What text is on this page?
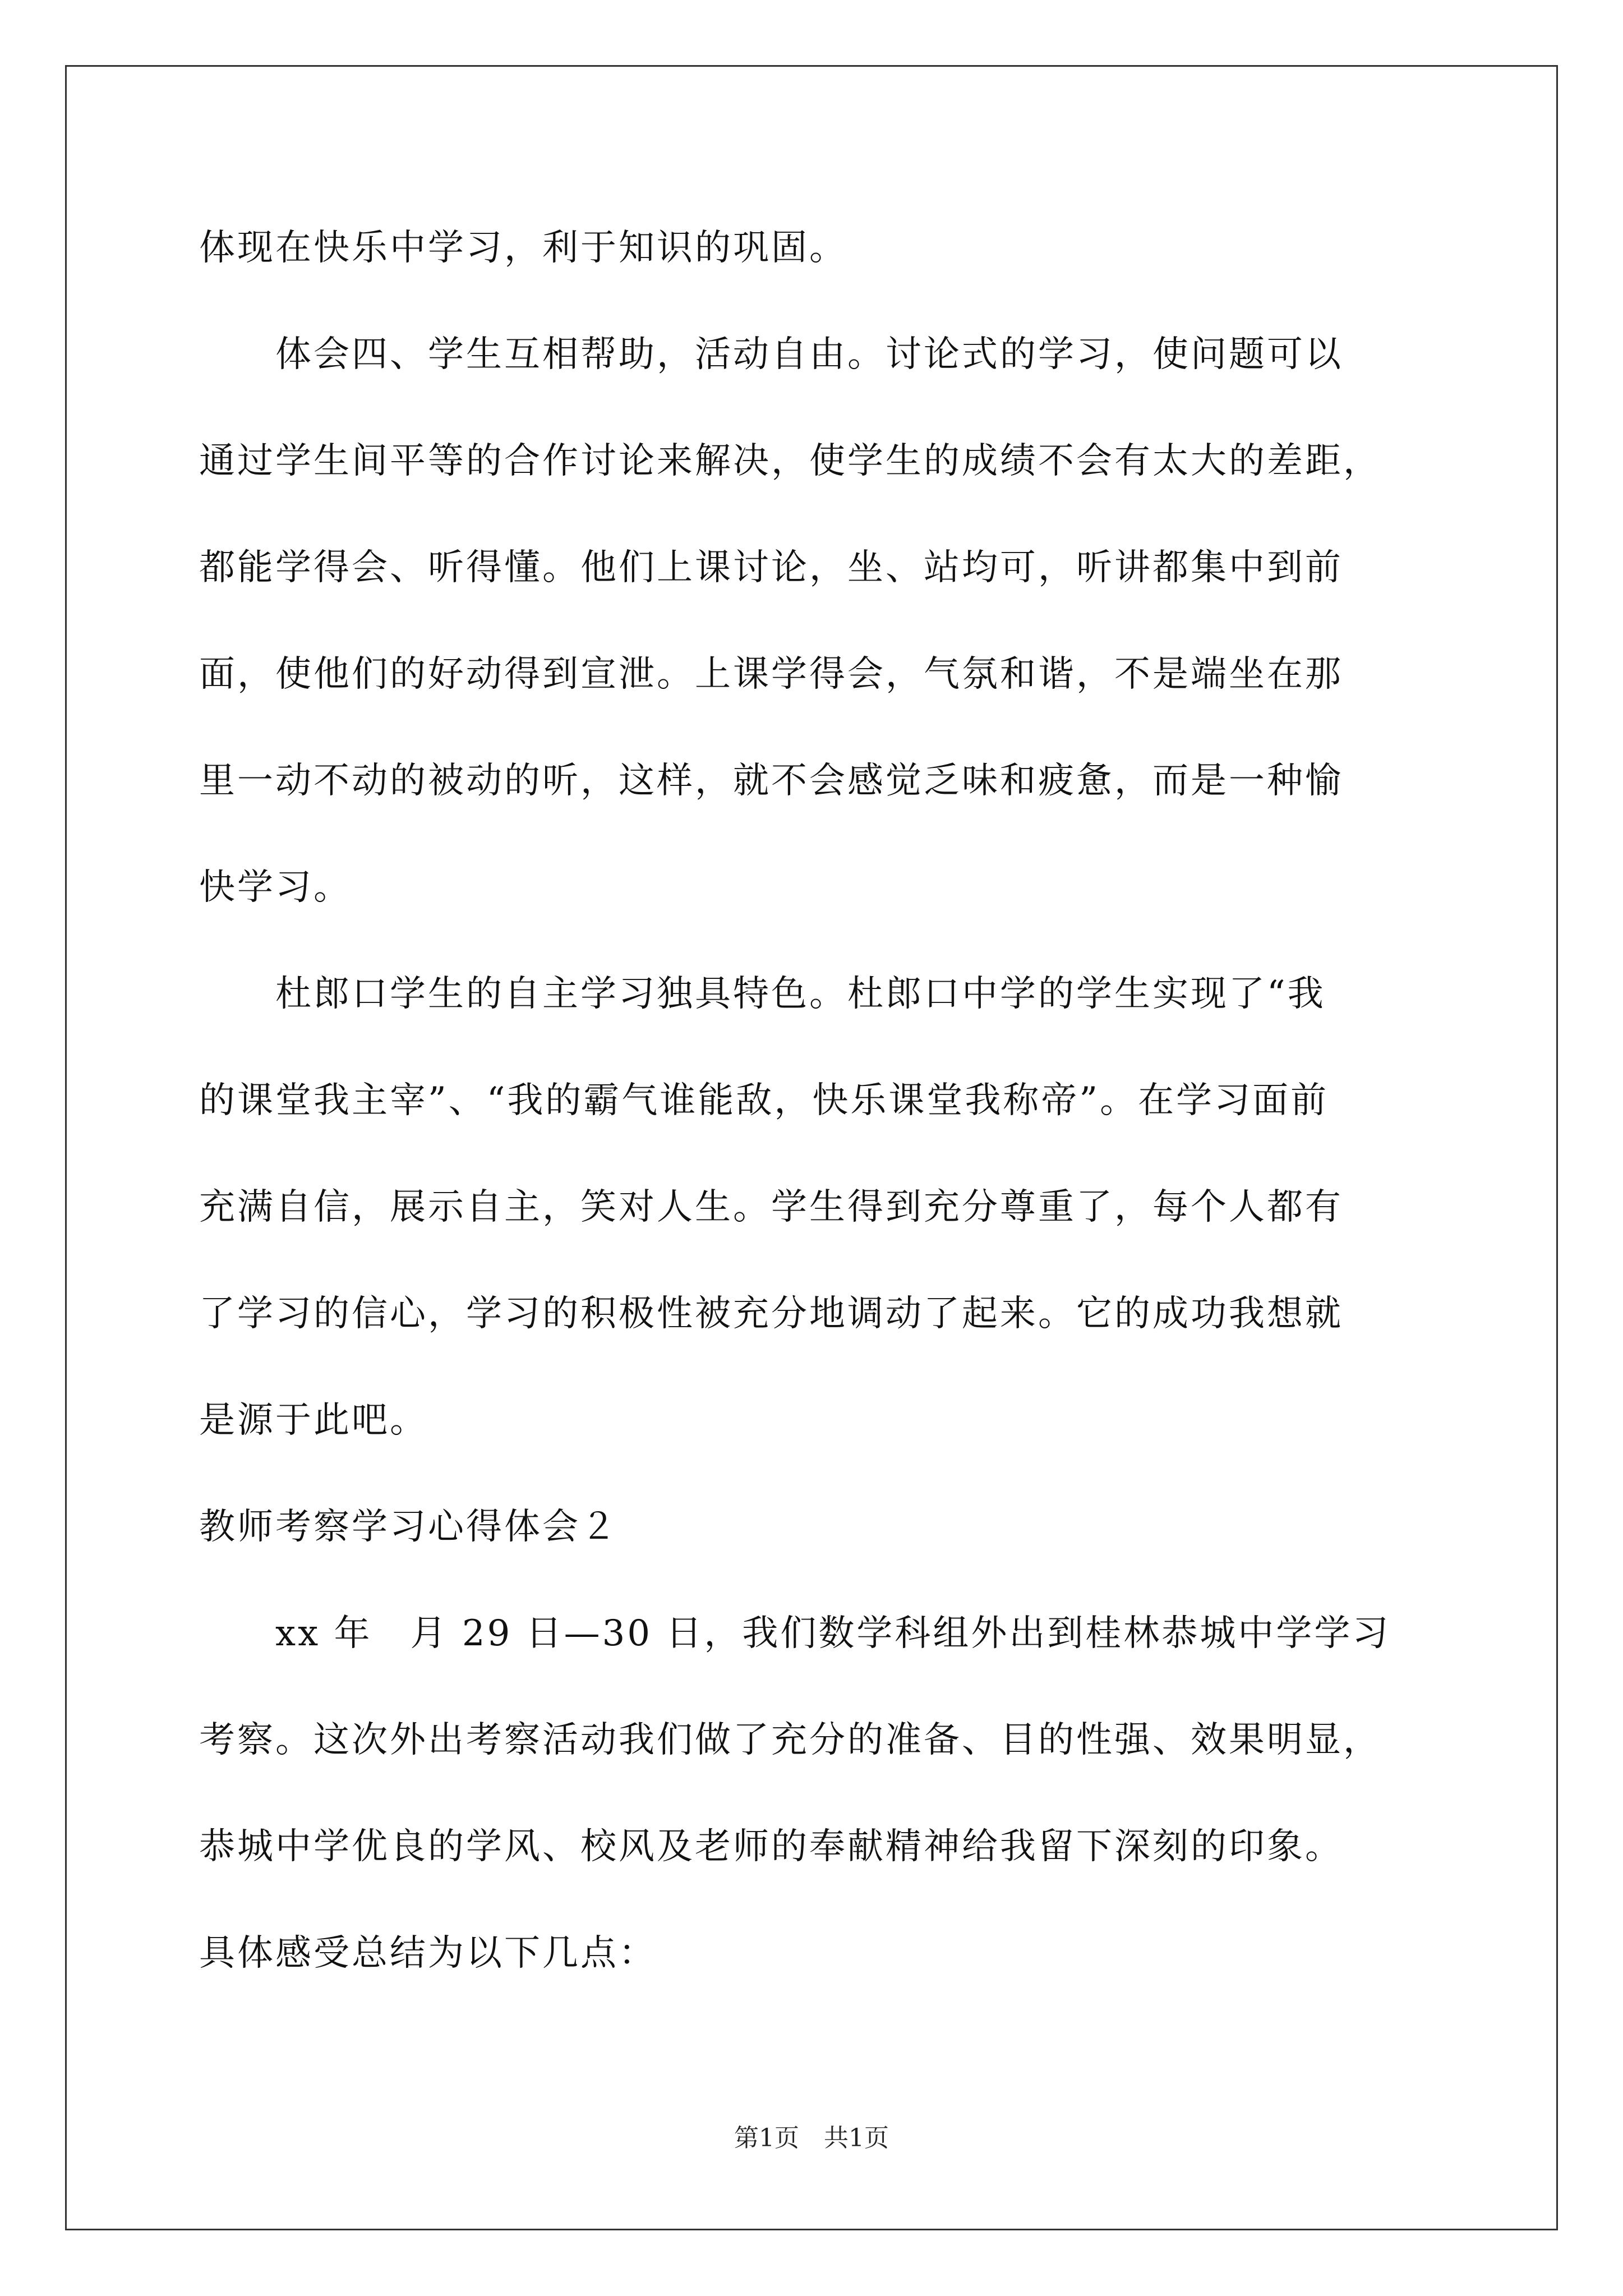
体现在快乐中学习，利于知识的巩固。
　　体会四、学生互相帮助，活动自由。讨论式的学习，使问题可以
通过学生间平等的合作讨论来解决，使学生的成绩不会有太大的差距，
都能学得会、听得懂。他们上课讨论，坐、站均可，听讲都集中到前
面，使他们的好动得到宣泄。上课学得会，气氛和谐，不是端坐在那
里一动不动的被动的听，这样，就不会感觉乏味和疲惫，而是一种愉
快学习。
　　杜郎口学生的自主学习独具特色。杜郎口中学的学生实现了“我
的课堂我主宰”、“我的霸气谁能敌，快乐课堂我称帝”。在学习面前
充满自信，展示自主，笑对人生。学生得到充分尊重了，每个人都有
了学习的信心，学习的积极性被充分地调动了起来。它的成功我想就
是源于此吧。
教师考察学习心得体会２
　　xx 年　月 29 日—30 日，我们数学科组外出到桂林恭城中学学习
考察。这次外出考察活动我们做了充分的准备、目的性强、效果明显，
恭城中学优良的学风、校风及老师的奉献精神给我留下深刻的印象。
具体感受总结为以下几点：
第1页　共1页
